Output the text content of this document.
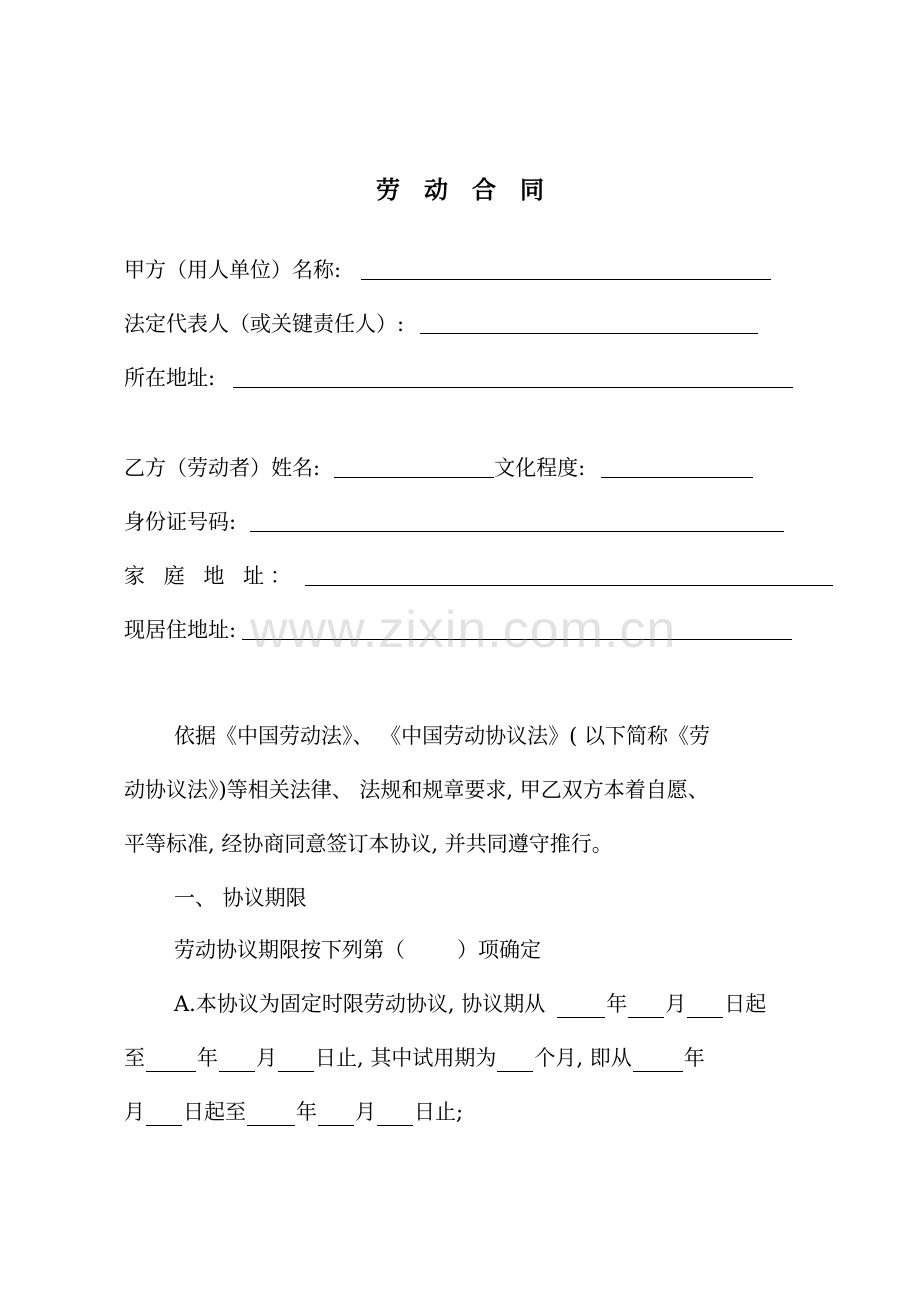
劳 动 合 同
甲方（用人单位）名称:
法定代表人（或关键责任人）:
所在地址:
乙方（劳动者）姓名:	文化程度:
身份证号码:
家 庭 地 址：
现居住地址: www.zixin.com.cn
依据《中国劳动法》、 《中国劳动协议法》( 以下简称《劳
动协议法》)等相关法律、 法规和规章要求, 甲乙双方本着自愿、
平等标准, 经协商同意签订本协议, 并共同遵守推行。
一、 协议期限
劳动协议期限按下列第（ ）项确定
A.本协议为固定时限劳动协议, 协议期从	年 月 日起
至 年 月 日止, 其中试用期为 个月, 即从 年
月 日起至 年 月 日止;
